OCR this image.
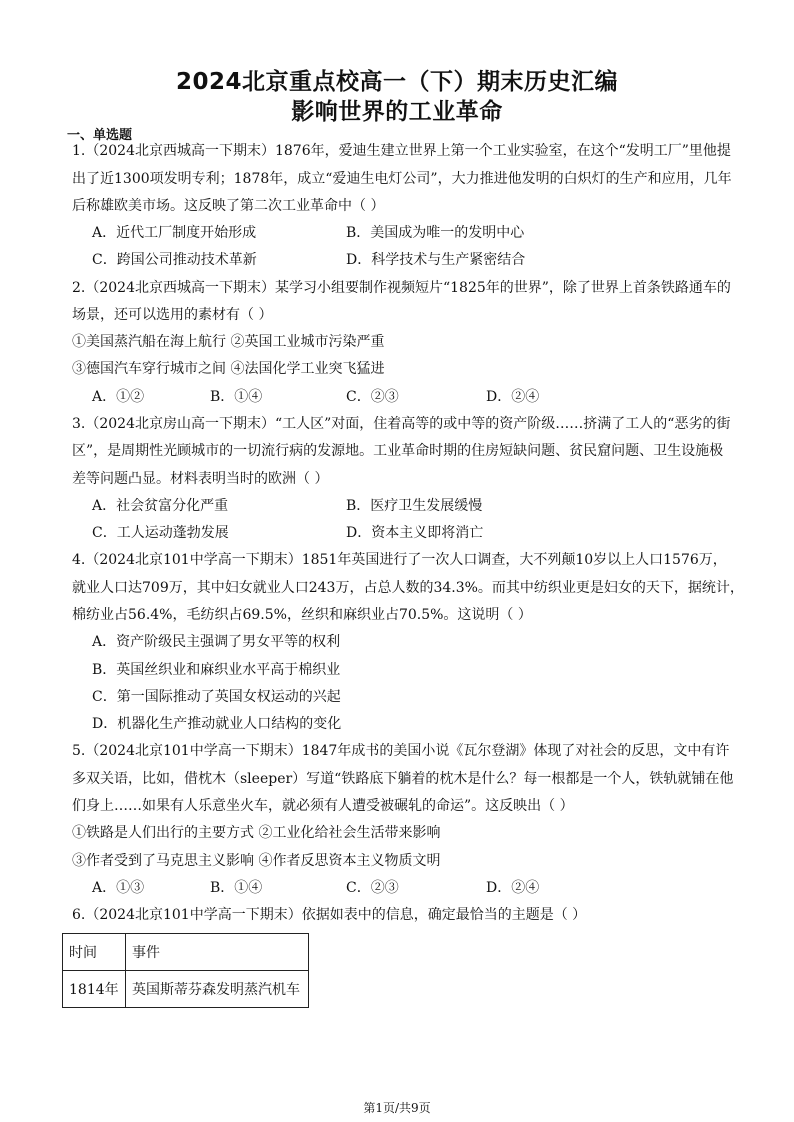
2024北京重点校高一（下）期末历史汇编
影响世界的工业革命
一、单选题
1.（2024北京西城高一下期末）1876年，爱迪生建立世界上第一个工业实验室，在这个“发明工厂”里他提
出了近1300项发明专利；1878年，成立“爱迪生电灯公司”，大力推进他发明的白炽灯的生产和应用，几年
后称雄欧美市场。这反映了第二次工业革命中（ ）
A．近代工厂制度开始形成	B．美国成为唯一的发明中心
C．跨国公司推动技术革新	D．科学技术与生产紧密结合
2.（2024北京西城高一下期末）某学习小组要制作视频短片“1825年的世界”，除了世界上首条铁路通车的
场景，还可以选用的素材有（ ）
①美国蒸汽船在海上航行 ②英国工业城市污染严重
③德国汽车穿行城市之间 ④法国化学工业突飞猛进
A．①②	B．①④	C．②③	D．②④
3.（2024北京房山高一下期末）“工人区”对面，住着高等的或中等的资产阶级……挤满了工人的“恶劣的街
区”，是周期性光顾城市的一切流行病的发源地。工业革命时期的住房短缺问题、贫民窟问题、卫生设施极
差等问题凸显。材料表明当时的欧洲（ ）
A．社会贫富分化严重	B．医疗卫生发展缓慢
C．工人运动蓬勃发展	D．资本主义即将消亡
4.（2024北京101中学高一下期末）1851年英国进行了一次人口调查，大不列颠10岁以上人口1576万，
就业人口达709万，其中妇女就业人口243万，占总人数的34.3%。而其中纺织业更是妇女的天下，据统计，
棉纺业占56.4%，毛纺织占69.5%，丝织和麻织业占70.5%。这说明（ ）
A．资产阶级民主强调了男女平等的权利
B．英国丝织业和麻织业水平高于棉织业
C．第一国际推动了英国女权运动的兴起
D．机器化生产推动就业人口结构的变化
5.（2024北京101中学高一下期末）1847年成书的美国小说《瓦尔登湖》体现了对社会的反思，文中有许
多双关语，比如，借枕木（sleeper）写道“铁路底下躺着的枕木是什么？每一根都是一个人，铁轨就铺在他
们身上……如果有人乐意坐火车，就必须有人遭受被碾轧的命运”。这反映出（ ）
①铁路是人们出行的主要方式 ②工业化给社会生活带来影响
③作者受到了马克思主义影响 ④作者反思资本主义物质文明
A．①③	B．①④	C．②③	D．②④
6.（2024北京101中学高一下期末）依据如表中的信息，确定最恰当的主题是（ ）
时间	事件
1814年	英国斯蒂芬森发明蒸汽机车
第1页/共9页
